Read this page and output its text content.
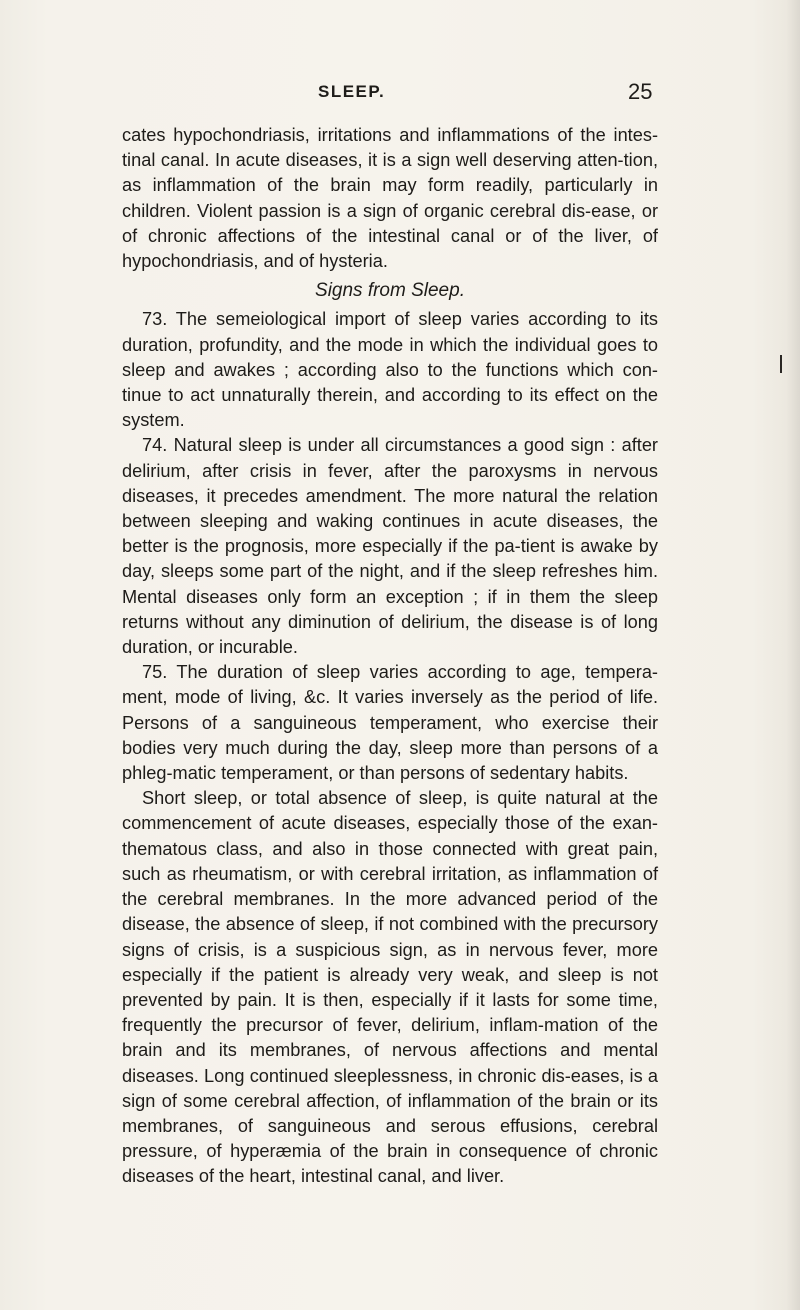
SLEEP.	25

cates hypochondriasis, irritations and inflammations of the intes-tinal canal. In acute diseases, it is a sign well deserving atten-tion, as inflammation of the brain may form readily, particularly in children. Violent passion is a sign of organic cerebral dis-ease, or of chronic affections of the intestinal canal or of the liver, of hypochondriasis, and of hysteria.

Signs from Sleep.

73. The semeiological import of sleep varies according to its duration, profundity, and the mode in which the individual goes to sleep and awakes ; according also to the functions which con-tinue to act unnaturally therein, and according to its effect on the system.

74. Natural sleep is under all circumstances a good sign : after delirium, after crisis in fever, after the paroxysms in nervous diseases, it precedes amendment. The more natural the relation between sleeping and waking continues in acute diseases, the better is the prognosis, more especially if the pa-tient is awake by day, sleeps some part of the night, and if the sleep refreshes him. Mental diseases only form an exception ; if in them the sleep returns without any diminution of delirium, the disease is of long duration, or incurable.

75. The duration of sleep varies according to age, tempera-ment, mode of living, &c. It varies inversely as the period of life. Persons of a sanguineous temperament, who exercise their bodies very much during the day, sleep more than persons of a phleg-matic temperament, or than persons of sedentary habits.

Short sleep, or total absence of sleep, is quite natural at the commencement of acute diseases, especially those of the exan-thematous class, and also in those connected with great pain, such as rheumatism, or with cerebral irritation, as inflammation of the cerebral membranes. In the more advanced period of the disease, the absence of sleep, if not combined with the precursory signs of crisis, is a suspicious sign, as in nervous fever, more especially if the patient is already very weak, and sleep is not prevented by pain. It is then, especially if it lasts for some time, frequently the precursor of fever, delirium, inflam-mation of the brain and its membranes, of nervous affections and mental diseases. Long continued sleeplessness, in chronic dis-eases, is a sign of some cerebral affection, of inflammation of the brain or its membranes, of sanguineous and serous effusions, cerebral pressure, of hyperæmia of the brain in consequence of chronic diseases of the heart, intestinal canal, and liver.
